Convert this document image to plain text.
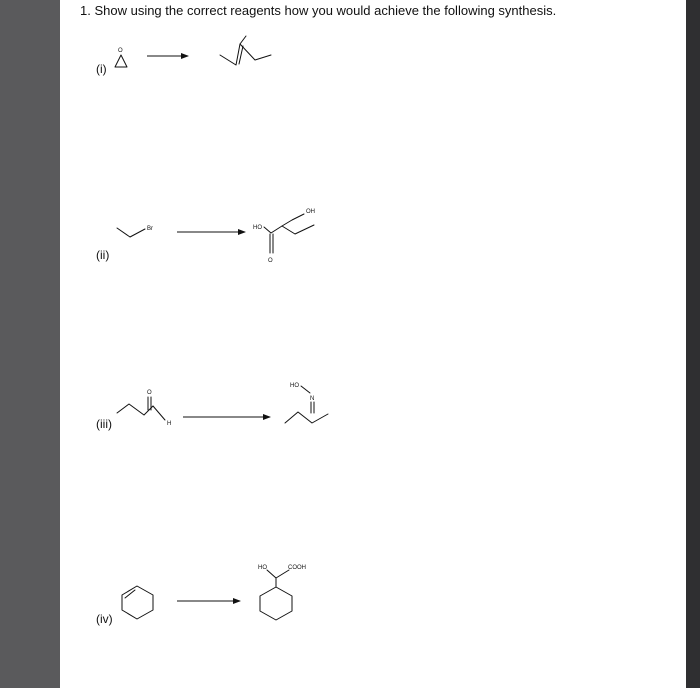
1. Show using the correct reagents how you would achieve the following synthesis.
(i)
(ii)
(iii)
(iv)
O
Br	HO
OH
O
O
H
HO
N
HO	COOH
